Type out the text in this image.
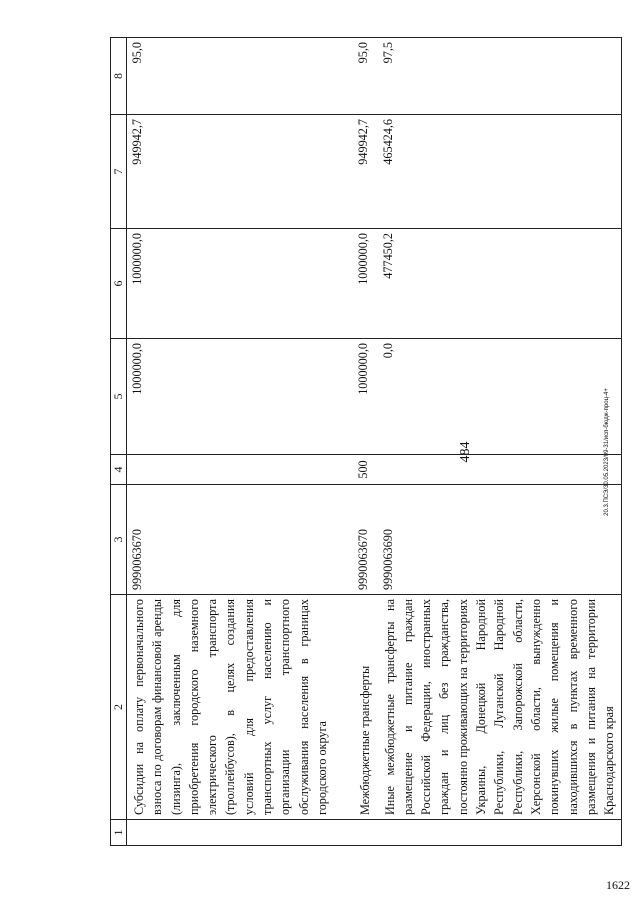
484	20.3.ПСЭ/30.05.2023/09-31/исп-бюдж-проц-4+
1622
1	2	3	4	5	6	7	8
	Субсидии на оплату первоначального взноса по договорам финансовой аренды (лизинга), заключенным для приобретения городского наземного электрического транспорта (троллейбусов), в целях создания условий для предоставления транспортных услуг населению и организации транспортного обслуживания населения в границах городского округа	9990063670		1000000,0	1000000,0	949942,7	95,0
	Межбюджетные трансферты	9990063670	500	1000000,0	1000000,0	949942,7	95,0
	Иные межбюджетные трансферты на размещение и питание граждан Российской Федерации, иностранных граждан и лиц без гражданства, постоянно проживающих на территориях Украины, Донецкой Народной Республики, Луганской Народной Республики, Запорожской области, Херсонской области, вынужденно покинувших жилые помещения и находившихся в пунктах временного размещения и питания на территории Краснодарского края	9990063690		0,0	477450,2	465424,6	97,5
